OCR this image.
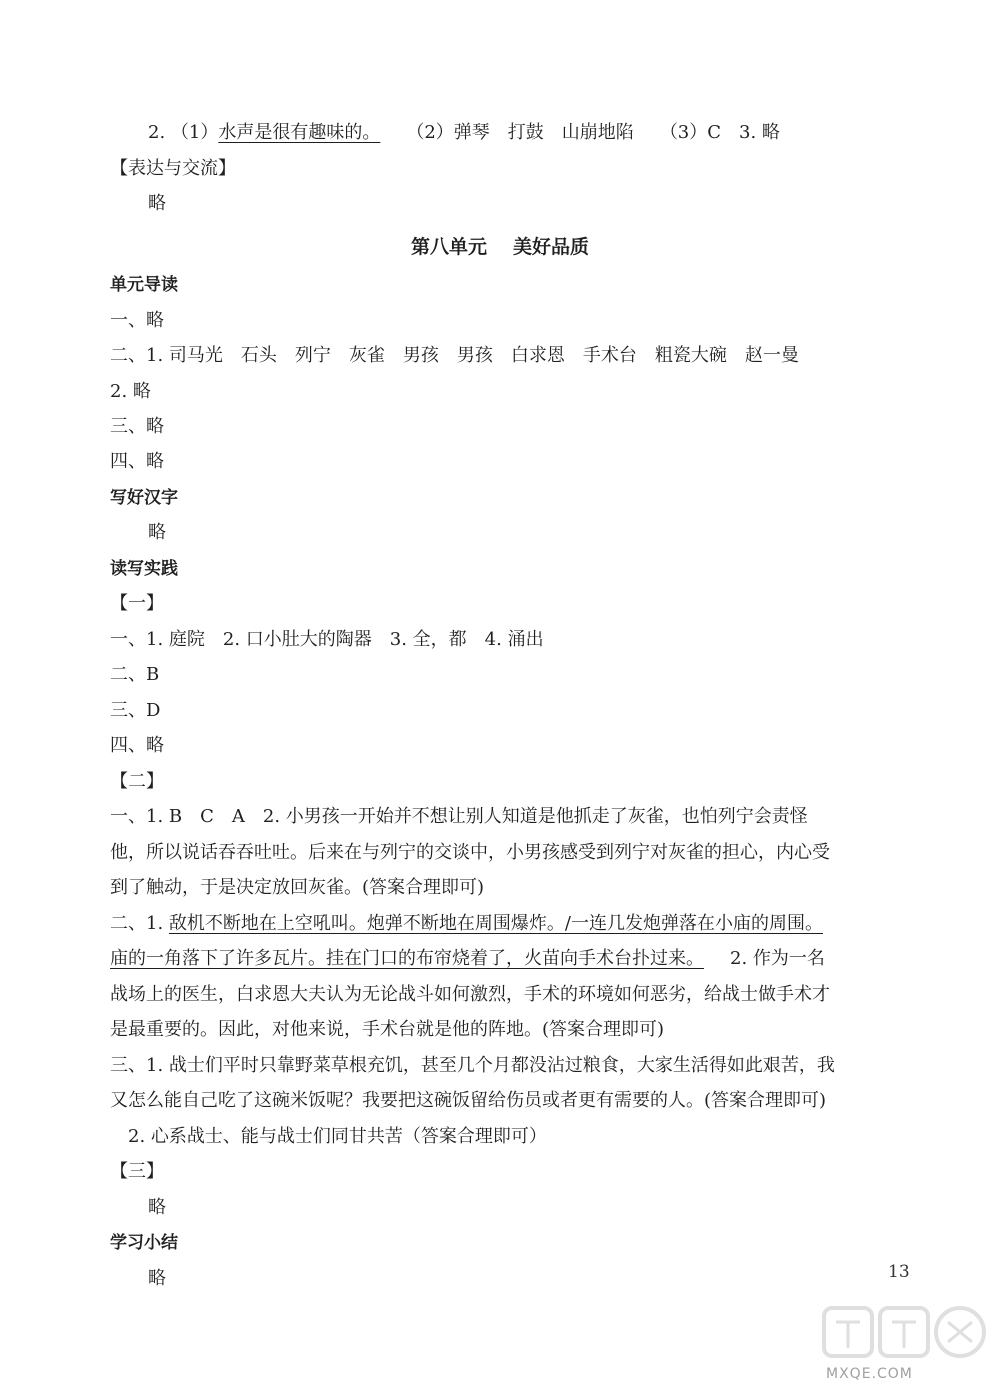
2. （1）水声是很有趣味的。 （2）弹琴　打鼓　山崩地陷 （3）C　3. 略
【表达与交流】
略
第八单元 美好品质
单元导读
一、略
二、1. 司马光　石头　列宁　灰雀　男孩　男孩　白求恩　手术台　粗瓷大碗　赵一曼
2. 略
三、略
四、略
写好汉字
略
读写实践
【一】
一、1. 庭院　2. 口小肚大的陶器　3. 全，都　4. 涌出
二、B
三、D
四、略
【二】
一、1. B　C　A　2. 小男孩一开始并不想让别人知道是他抓走了灰雀，也怕列宁会责怪
他，所以说话吞吞吐吐。后来在与列宁的交谈中，小男孩感受到列宁对灰雀的担心，内心受
到了触动，于是决定放回灰雀。(答案合理即可)
二、1. 敌机不断地在上空吼叫。炮弹不断地在周围爆炸。/一连几发炮弹落在小庙的周围。
庙的一角落下了许多瓦片。挂在门口的布帘烧着了，火苗向手术台扑过来。 2. 作为一名
战场上的医生，白求恩大夫认为无论战斗如何激烈，手术的环境如何恶劣，给战士做手术才
是最重要的。因此，对他来说，手术台就是他的阵地。(答案合理即可)
三、1. 战士们平时只靠野菜草根充饥，甚至几个月都没沾过粮食，大家生活得如此艰苦，我
又怎么能自己吃了这碗米饭呢？我要把这碗饭留给伤员或者更有需要的人。(答案合理即可)
2. 心系战士、能与战士们同甘共苦（答案合理即可）
【三】
略
学习小结
略	13
MXQE.COM
